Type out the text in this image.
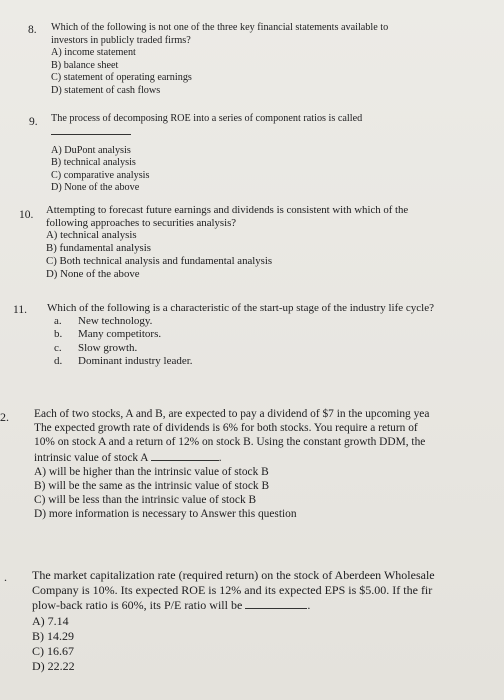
8. Which of the following is not one of the three key financial statements available to
investors in publicly traded firms?
A) income statement
B) balance sheet
C) statement of operating earnings
D) statement of cash flows
9. The process of decomposing ROE into a series of component ratios is called
A) DuPont analysis
B) technical analysis
C) comparative analysis
D) None of the above
10. Attempting to forecast future earnings and dividends is consistent with which of the
following approaches to securities analysis?
A) technical analysis
B) fundamental analysis
C) Both technical analysis and fundamental analysis
D) None of the above
11. Which of the following is a characteristic of the start-up stage of the industry life cycle?
a. New technology.
b. Many competitors.
c. Slow growth.
d. Dominant industry leader.
2. Each of two stocks, A and B, are expected to pay a dividend of $7 in the upcoming yea
The expected growth rate of dividends is 6% for both stocks. You require a return of
10% on stock A and a return of 12% on stock B. Using the constant growth DDM, the
intrinsic value of stock A	.
A) will be higher than the intrinsic value of stock B
B) will be the same as the intrinsic value of stock B
C) will be less than the intrinsic value of stock B
D) more information is necessary to Answer this question
. The market capitalization rate (required return) on the stock of Aberdeen Wholesale
Company is 10%. Its expected ROE is 12% and its expected EPS is $5.00. If the fir
plow-back ratio is 60%, its P/E ratio will be	.
A) 7.14
B) 14.29
C) 16.67
D) 22.22
